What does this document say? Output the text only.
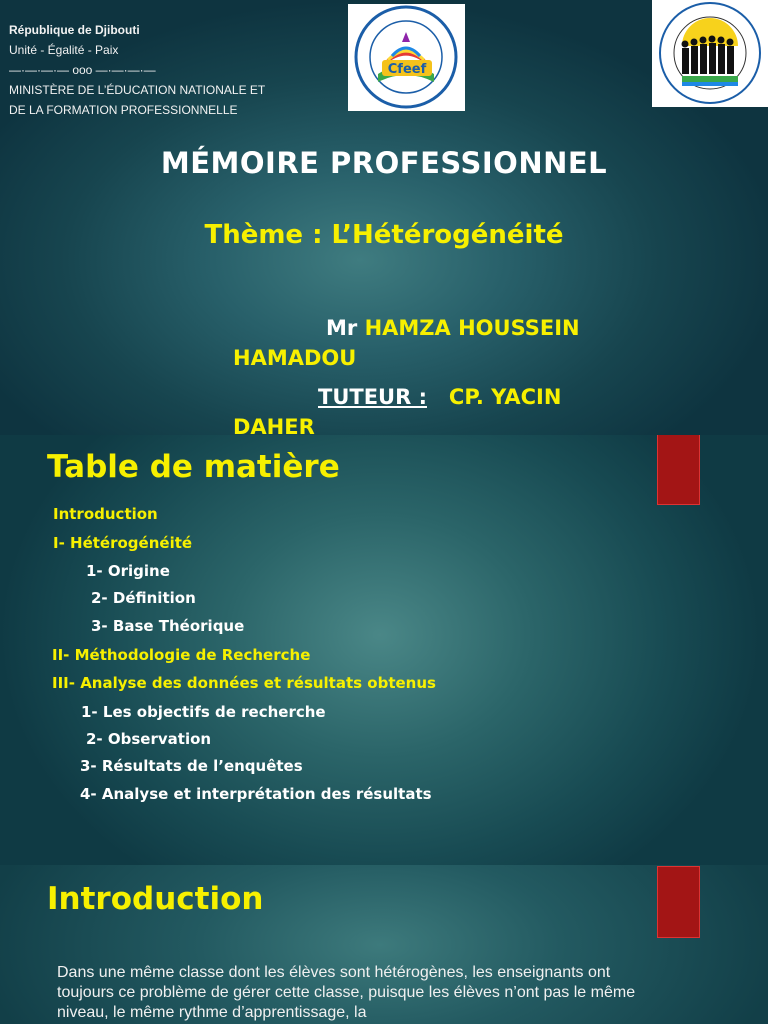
République de Djibouti
Unité - Égalité - Paix
—·—·—·— ooo —·—·—·—
MINISTÈRE DE L’ÉDUCATION NATIONALE ET
DE LA FORMATION PROFESSIONNELLE
Cfeef
MÉMOIRE PROFESSIONNEL
Thème : L’Hétérogénéité
Mr HAMZA HOUSSEIN
HAMADOU
TUTEUR : CP. YACIN
DAHER
Table de matière
Introduction
I- Hétérogénéité
1- Origine
2- Définition
3- Base Théorique
II- Méthodologie de Recherche
III- Analyse des données et résultats obtenus
1- Les objectifs de recherche
2- Observation
3- Résultats de l’enquêtes
4- Analyse et interprétation des résultats
Introduction
Dans une même classe dont les élèves sont hétérogènes, les enseignants ont toujours ce problème de gérer cette classe, puisque les élèves n’ont pas le même niveau, le même rythme d’apprentissage, la
